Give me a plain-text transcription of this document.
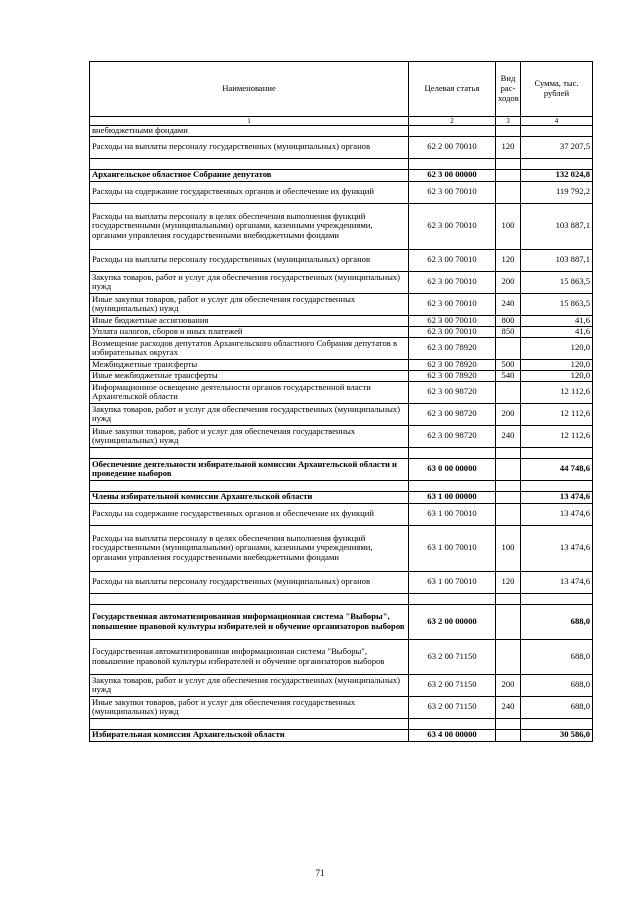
Наименование	Целевая статья	Вид рас-ходов	Сумма, тыс. рублей
1	2	3	4
внебюджетными фондами			
Расходы на выплаты персоналу государственных (муниципальных) органов	62 2 00 70010	120	37 207,5

Архангельское областное Собрание депутатов	62 3 00 00000		132 024,8
Расходы на содержание государственных органов и обеспечение их функций	62 3 00 70010		119 792,2
Расходы на выплаты персоналу в целях обеспечения выполнения функций государственными (муниципальными) органами, казенными учреждениями, органами управления государственными внебюджетными фондами	62 3 00 70010	100	103 887,1
Расходы на выплаты персоналу государственных (муниципальных) органов	62 3 00 70010	120	103 887,1
Закупка товаров, работ и услуг для обеспечения государственных (муниципальных) нужд	62 3 00 70010	200	15 863,5
Иные закупки товаров, работ и услуг для обеспечения государственных (муниципальных) нужд	62 3 00 70010	240	15 863,5
Иные бюджетные ассигнования	62 3 00 70010	800	41,6
Уплата налогов, сборов и иных платежей	62 3 00 70010	850	41,6
Возмещение расходов депутатов Архангельского областного Собрания депутатов в избирательных округах	62 3 00 78920		120,0
Межбюджетные трансферты	62 3 00 78920	500	120,0
Иные межбюджетные трансферты	62 3 00 78920	540	120,0
Информационное освещение деятельности органов государственной власти Архангельской области	62 3 00 98720		12 112,6
Закупка товаров, работ и услуг для обеспечения государственных (муниципальных) нужд	62 3 00 98720	200	12 112,6
Иные закупки товаров, работ и услуг для обеспечения государственных (муниципальных) нужд	62 3 00 98720	240	12 112,6

Обеспечение деятельности избирательной комиссии Архангельской области и проведение выборов	63 0 00 00000		44 748,6

Члены избирательной комиссии Архангельской области	63 1 00 00000		13 474,6
Расходы на содержание государственных органов и обеспечение их функций	63 1 00 70010		13 474,6
Расходы на выплаты персоналу в целях обеспечения выполнения функций государственными (муниципальными) органами, казенными учреждениями, органами управления государственными внебюджетными фондами	63 1 00 70010	100	13 474,6
Расходы на выплаты персоналу государственных (муниципальных) органов	63 1 00 70010	120	13 474,6

Государственная автоматизированная информационная система "Выборы", повышение правовой культуры избирателей и обучение организаторов выборов	63 2 00 00000		688,0
Государственная автоматизированная информационная система "Выборы", повышение правовой культуры избирателей и обучение организаторов выборов	63 2 00 71150		688,0
Закупка товаров, работ и услуг для обеспечения государственных (муниципальных) нужд	63 2 00 71150	200	688,0
Иные закупки товаров, работ и услуг для обеспечения государственных (муниципальных) нужд	63 2 00 71150	240	688,0

Избирательная комиссия Архангельской области	63 4 00 00000		30 586,0
71
